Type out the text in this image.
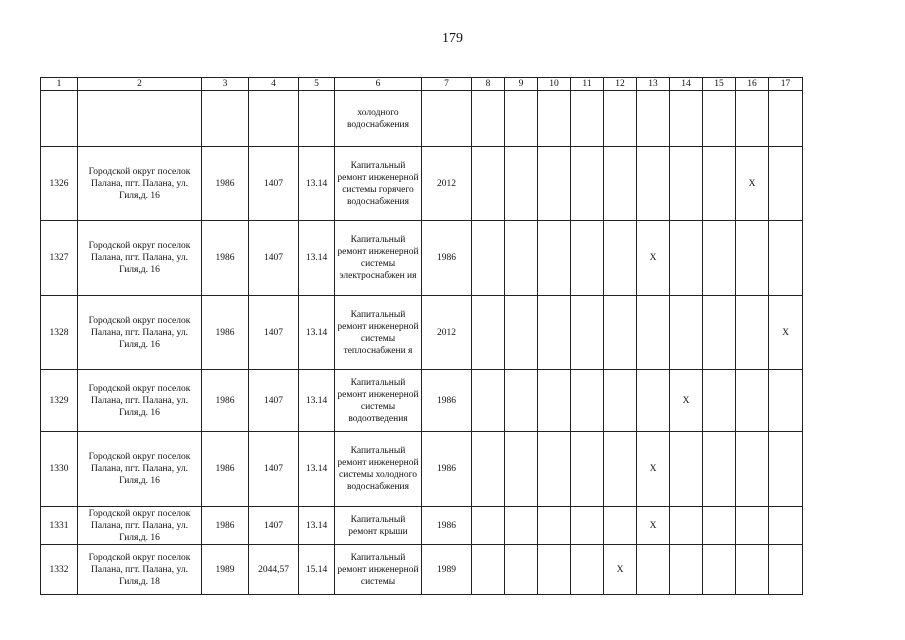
179
1	2	3	4	5	6	7	8	9	10	11	12	13	14	15	16	17
					холодного водоснабжения											
1326	Городской округ поселок Палана, пгт. Палана, ул. Гиля,д. 16	1986	1407	13.14	Капитальный ремонт инженерной системы горячего водоснабжения	2012									X	
1327	Городской округ поселок Палана, пгт. Палана, ул. Гиля,д. 16	1986	1407	13.14	Капитальный ремонт инженерной системы электроснабжен ия	1986						X				
1328	Городской округ поселок Палана, пгт. Палана, ул. Гиля,д. 16	1986	1407	13.14	Капитальный ремонт инженерной системы теплоснабжени я	2012										X
1329	Городской округ поселок Палана, пгт. Палана, ул. Гиля,д. 16	1986	1407	13.14	Капитальный ремонт инженерной системы водоотведения	1986							X			
1330	Городской округ поселок Палана, пгт. Палана, ул. Гиля,д. 16	1986	1407	13.14	Капитальный ремонт инженерной системы холодного водоснабжения	1986						X				
1331	Городской округ поселок Палана, пгт. Палана, ул. Гиля,д. 16	1986	1407	13.14	Капитальный ремонт крыши	1986						X				
1332	Городской округ поселок Палана, пгт. Палана, ул. Гиля,д. 18	1989	2044,57	15.14	Капитальный ремонт инженерной системы	1989					X					
